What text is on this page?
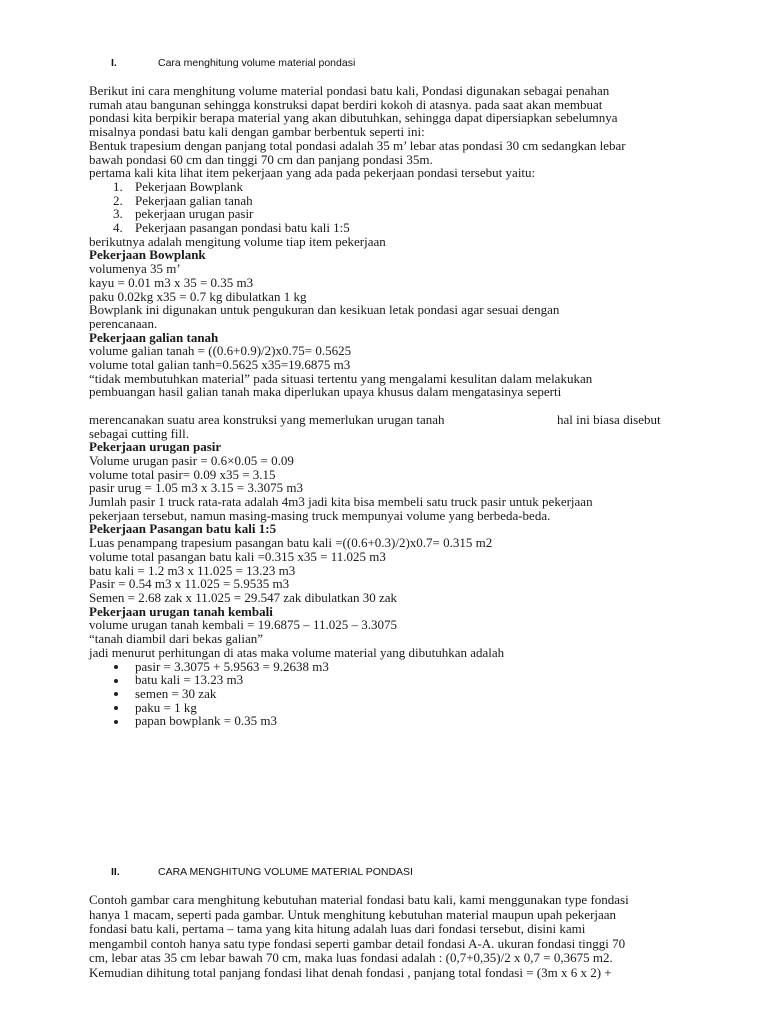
I.	Cara menghitung volume material pondasi

Berikut ini cara menghitung volume material pondasi batu kali, Pondasi digunakan sebagai penahan

rumah atau bangunan sehingga konstruksi dapat berdiri kokoh di atasnya. pada saat akan membuat

pondasi kita berpikir berapa material yang akan dibutuhkan, sehingga dapat dipersiapkan sebelumnya

misalnya pondasi batu kali dengan gambar berbentuk seperti ini:

Bentuk trapesium dengan panjang total pondasi adalah 35 m’ lebar atas pondasi 30 cm sedangkan lebar

bawah pondasi 60 cm dan tinggi 70 cm dan panjang pondasi 35m.

pertama kali kita lihat item pekerjaan yang ada pada pekerjaan pondasi tersebut yaitu:

1. Pekerjaan Bowplank
2. Pekerjaan galian tanah
3. pekerjaan urugan pasir
4. Pekerjaan pasangan pondasi batu kali 1:5

berikutnya adalah mengitung volume tiap item pekerjaan

Pekerjaan Bowplank

volumenya 35 m’

kayu = 0.01 m3 x 35 = 0.35 m3

paku 0.02kg x35 = 0.7 kg dibulatkan 1 kg

Bowplank ini digunakan untuk pengukuran dan kesikuan letak pondasi agar sesuai dengan

perencanaan.

Pekerjaan galian tanah

volume galian tanah = ((0.6+0.9)/2)x0.75= 0.5625

volume total galian tanh=0.5625 x35=19.6875 m3

“tidak membutuhkan material” pada situasi tertentu yang mengalami kesulitan dalam melakukan

pembuangan hasil galian tanah maka diperlukan upaya khusus dalam mengatasinya seperti

merencanakan suatu area konstruksi yang memerlukan urugan tanah	hal ini biasa disebut

sebagai cutting fill.

Pekerjaan urugan pasir

Volume urugan pasir = 0.6×0.05 = 0.09

volume total pasir= 0.09 x35 = 3.15

pasir urug = 1.05 m3 x 3.15 = 3.3075 m3

Jumlah pasir 1 truck rata-rata adalah 4m3 jadi kita bisa membeli satu truck pasir untuk pekerjaan

pekerjaan tersebut, namun masing-masing truck mempunyai volume yang berbeda-beda.

Pekerjaan Pasangan batu kali 1:5

Luas penampang trapesium pasangan batu kali =((0.6+0.3)/2)x0.7= 0.315 m2

volume total pasangan batu kali =0.315 x35 = 11.025 m3

batu kali = 1.2 m3 x 11.025 = 13.23 m3

Pasir = 0.54 m3 x 11.025 = 5.9535 m3

Semen = 2.68 zak x 11.025 = 29.547 zak dibulatkan 30 zak

Pekerjaan urugan tanah kembali

volume urugan tanah kembali = 19.6875 – 11.025 – 3.3075

“tanah diambil dari bekas galian”

jadi menurut perhitungan di atas maka volume material yang dibutuhkan adalah

pasir = 3.3075 + 5.9563 = 9.2638 m3
batu kali = 13.23 m3
semen = 30 zak
paku = 1 kg
papan bowplank = 0.35 m3
II.	CARA MENGHITUNG VOLUME MATERIAL PONDASI

Contoh gambar cara menghitung kebutuhan material fondasi batu kali, kami menggunakan type fondasi

hanya 1 macam, seperti pada gambar. Untuk menghitung kebutuhan material maupun upah pekerjaan

fondasi batu kali, pertama – tama yang kita hitung adalah luas dari fondasi tersebut, disini kami

mengambil contoh hanya satu type fondasi seperti gambar detail fondasi A-A. ukuran fondasi tinggi 70

cm, lebar atas 35 cm lebar bawah 70 cm, maka luas fondasi adalah : (0,7+0,35)/2 x 0,7 = 0,3675 m2.

Kemudian dihitung total panjang fondasi lihat denah fondasi , panjang total fondasi = (3m x 6 x 2) +
